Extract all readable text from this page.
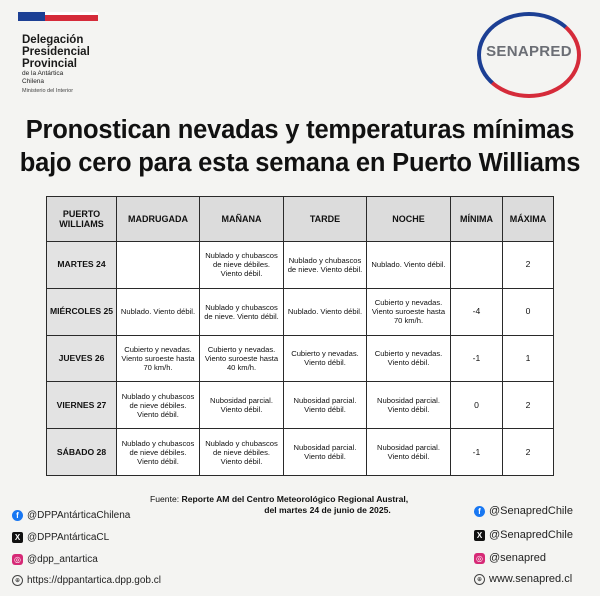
Delegación
Presidencial
Provincial
de la Antártica
Chilena
Ministerio del Interior
SENAPRED
Pronostican nevadas y temperaturas mínimas
bajo cero para esta semana en Puerto Williams
PUERTO WILLIAMS	MADRUGADA	MAÑANA	TARDE	NOCHE	MÍNIMA	MÁXIMA
MARTES 24		Nublado y chubascos de nieve débiles. Viento débil.	Nublado y chubascos de nieve. Viento débil.	Nublado. Viento débil.		2
MIÉRCOLES 25	Nublado. Viento débil.	Nublado y chubascos de nieve. Viento débil.	Nublado. Viento débil.	Cubierto y nevadas. Viento suroeste hasta 70 km/h.	-4	0
JUEVES 26	Cubierto y nevadas. Viento suroeste hasta 70 km/h.	Cubierto y nevadas. Viento suroeste hasta 40 km/h.	Cubierto y nevadas. Viento débil.	Cubierto y nevadas. Viento débil.	-1	1
VIERNES 27	Nublado y chubascos de nieve débiles. Viento débil.	Nubosidad parcial. Viento débil.	Nubosidad parcial. Viento débil.	Nubosidad parcial. Viento débil.	0	2
SÁBADO 28	Nublado y chubascos de nieve débiles. Viento débil.	Nublado y chubascos de nieve débiles. Viento débil.	Nubosidad parcial. Viento débil.	Nubosidad parcial. Viento débil.	-1	2
Fuente: Reporte AM del Centro Meteorológico Regional Austral,
del martes 24 de junio de 2025.
f @DPPAntárticaChilena
X @DPPAntárticaCL
◎ @dpp_antartica
⊕ https://dppantartica.dpp.gob.cl
f @SenapredChile
X @SenapredChile
◎ @senapred
⊕ www.senapred.cl
